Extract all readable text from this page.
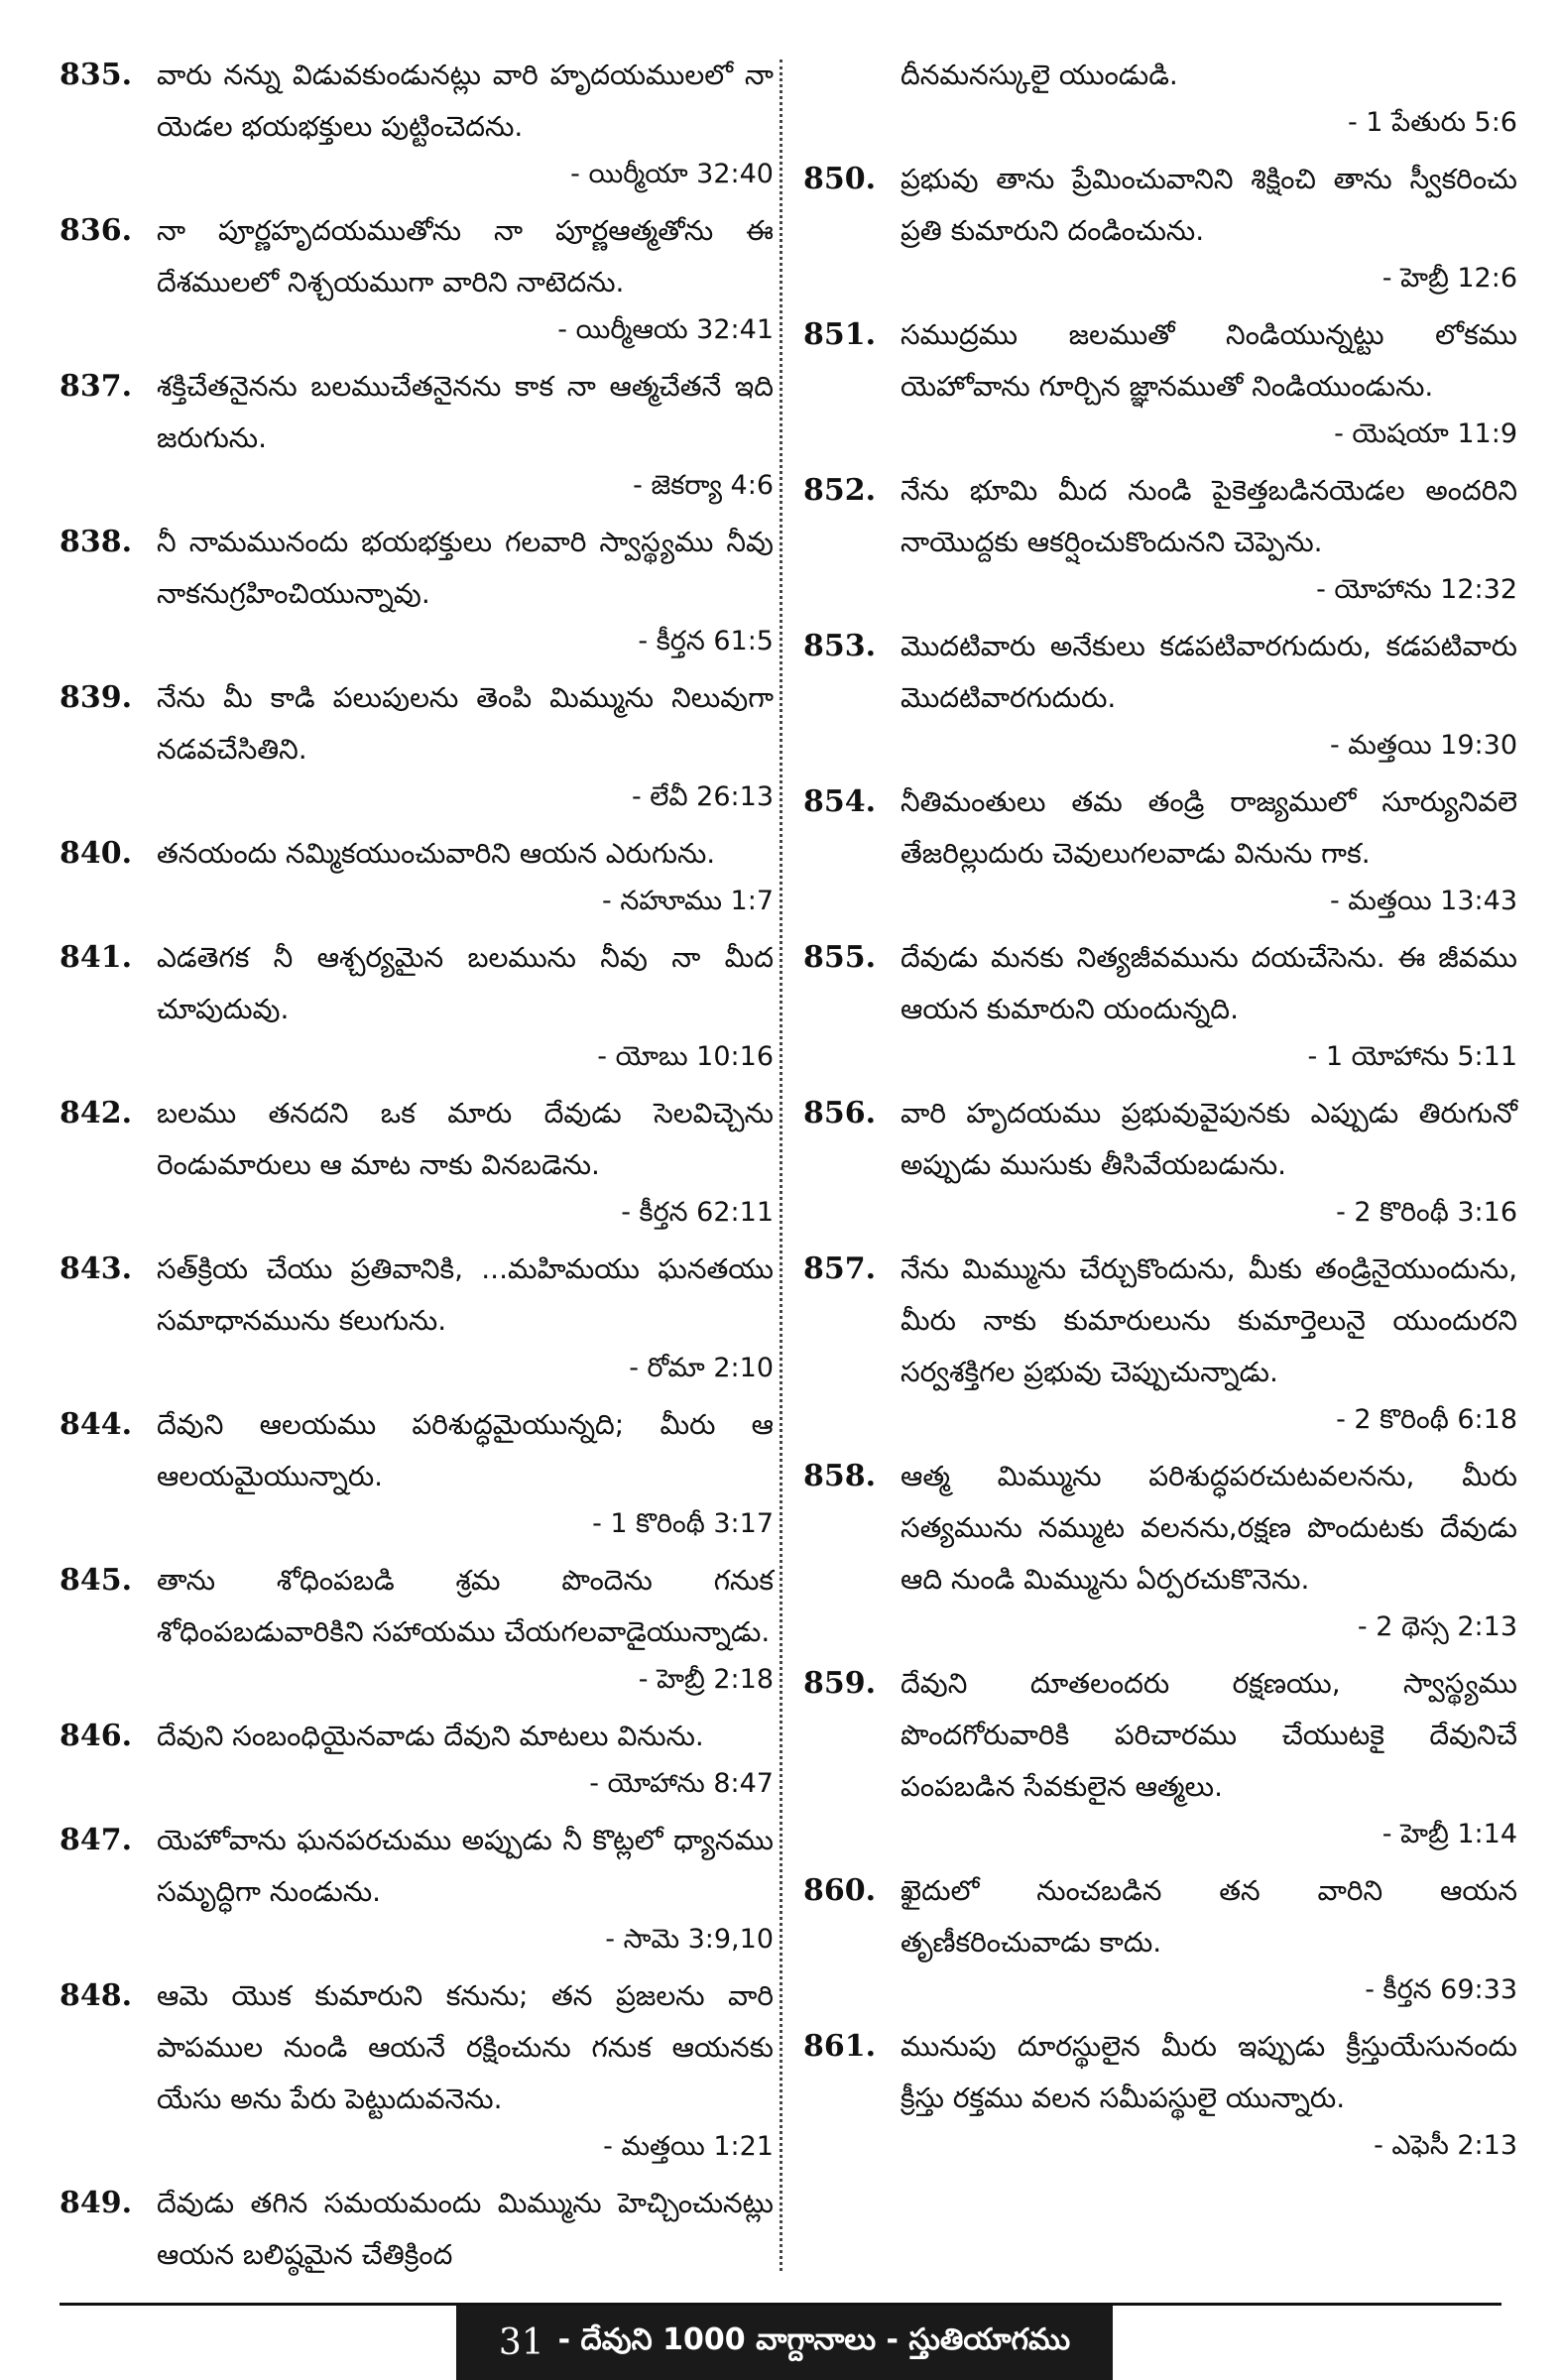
835. వారు నన్ను విడువకుండునట్లు వారి హృదయములలో నా యెడల భయభక్తులు పుట్టించెదను.
- యిర్మీయా 32:40
836. నా పూర్ణహృదయముతోను నా పూర్ణఆత్మతోను ఈ దేశములలో నిశ్చయముగా వారిని నాటెదను.
- యిర్మీఆయ 32:41
837. శక్తిచేతనైనను బలముచేతనైనను కాక నా ఆత్మచేతనే ఇది జరుగును.
- జెకర్యా 4:6
838. నీ నామమునందు భయభక్తులు గలవారి స్వాస్థ్యము నీవు నాకనుగ్రహించియున్నావు.
- కీర్తన 61:5
839. నేను మీ కాడి పలుపులను తెంపి మిమ్మును నిలువుగా నడవచేసితిని.
- లేవీ 26:13
840. తనయందు నమ్మికయుంచువారిని ఆయన ఎరుగును.
- నహూము 1:7
841. ఎడతెగక నీ ఆశ్చర్యమైన బలమును నీవు నా మీద చూపుదువు.
- యోబు 10:16
842. బలము తనదని ఒక మారు దేవుడు సెలవిచ్చెను రెండుమారులు ఆ మాట నాకు వినబడెను.
- కీర్తన 62:11
843. సత్‌క్రియ చేయు ప్రతివానికి, ...మహిమయు ఘనతయు సమాధానమును కలుగును.
- రోమా 2:10
844. దేవుని ఆలయము పరిశుద్ధమైయున్నది; మీరు ఆ ఆలయమైయున్నారు.
- 1 కొరింథీ 3:17
845. తాను శోధింపబడి శ్రమ పొందెను గనుక శోధింపబడువారికిని సహాయము చేయగలవాడైయున్నాడు.
- హెబ్రీ 2:18
846. దేవుని సంబంధియైనవాడు దేవుని మాటలు వినును.
- యోహాను 8:47
847. యెహోవాను ఘనపరచుము అప్పుడు నీ కొట్లలో ధ్యానము సమృద్ధిగా నుండును.
- సామె 3:9,10
848. ఆమె యొక కుమారుని కనును; తన ప్రజలను వారి పాపముల నుండి ఆయనే రక్షించును గనుక ఆయనకు యేసు అను పేరు పెట్టుదువనెను.
- మత్తయి 1:21
849. దేవుడు తగిన సమయమందు మిమ్మును హెచ్చించునట్లు ఆయన బలిష్ఠమైన చేతిక్రింద
దీనమనస్కులై యుండుడి.
- 1 పేతురు 5:6
850. ప్రభువు తాను ప్రేమించువానిని శిక్షించి తాను స్వీకరించు ప్రతి కుమారుని దండించును.
- హెబ్రీ 12:6
851. సముద్రము జలముతో నిండియున్నట్టు లోకము యెహోవాను గూర్చిన జ్ఞానముతో నిండియుండును.
- యెషయా 11:9
852. నేను భూమి మీద నుండి పైకెత్తబడినయెడల అందరిని నాయొద్దకు ఆకర్షించుకొందునని చెప్పెను.
- యోహాను 12:32
853. మొదటివారు అనేకులు కడపటివారగుదురు, కడపటివారు మొదటివారగుదురు.
- మత్తయి 19:30
854. నీతిమంతులు తమ తండ్రి రాజ్యములో సూర్యునివలె తేజరిల్లుదురు చెవులుగలవాడు వినును గాక.
- మత్తయి 13:43
855. దేవుడు మనకు నిత్యజీవమును దయచేసెను. ఈ జీవము ఆయన కుమారుని యందున్నది.
- 1 యోహాను 5:11
856. వారి హృదయము ప్రభువువైపునకు ఎప్పుడు తిరుగునో అప్పుడు ముసుకు తీసివేయబడును.
- 2 కొరింథీ 3:16
857. నేను మిమ్మును చేర్చుకొందును, మీకు తండ్రినైయుందును, మీరు నాకు కుమారులును కుమార్తెలునై యుందురని సర్వశక్తిగల ప్రభువు చెప్పుచున్నాడు.
- 2 కొరింథీ 6:18
858. ఆత్మ మిమ్మును పరిశుద్ధపరచుటవలనను, మీరు సత్యమును నమ్ముట వలనను,రక్షణ పొందుటకు దేవుడు ఆది నుండి మిమ్మును ఏర్పరచుకొనెను.
- 2 థెస్స 2:13
859. దేవుని దూతలందరు రక్షణయు, స్వాస్థ్యము పొందగోరువారికి పరిచారము చేయుటకై దేవునిచే పంపబడిన సేవకులైన ఆత్మలు.
- హెబ్రీ 1:14
860. ఖైదులో నుంచబడిన తన వారిని ఆయన తృణీకరించువాడు కాదు.
- కీర్తన 69:33
861. మునుపు దూరస్థులైన మీరు ఇప్పుడు క్రీస్తుయేసునందు క్రీస్తు రక్తము వలన సమీపస్థులై యున్నారు.
- ఎఫెసీ 2:13
31 - దేవుని 1000 వాగ్దానాలు - స్తుతియాగము
